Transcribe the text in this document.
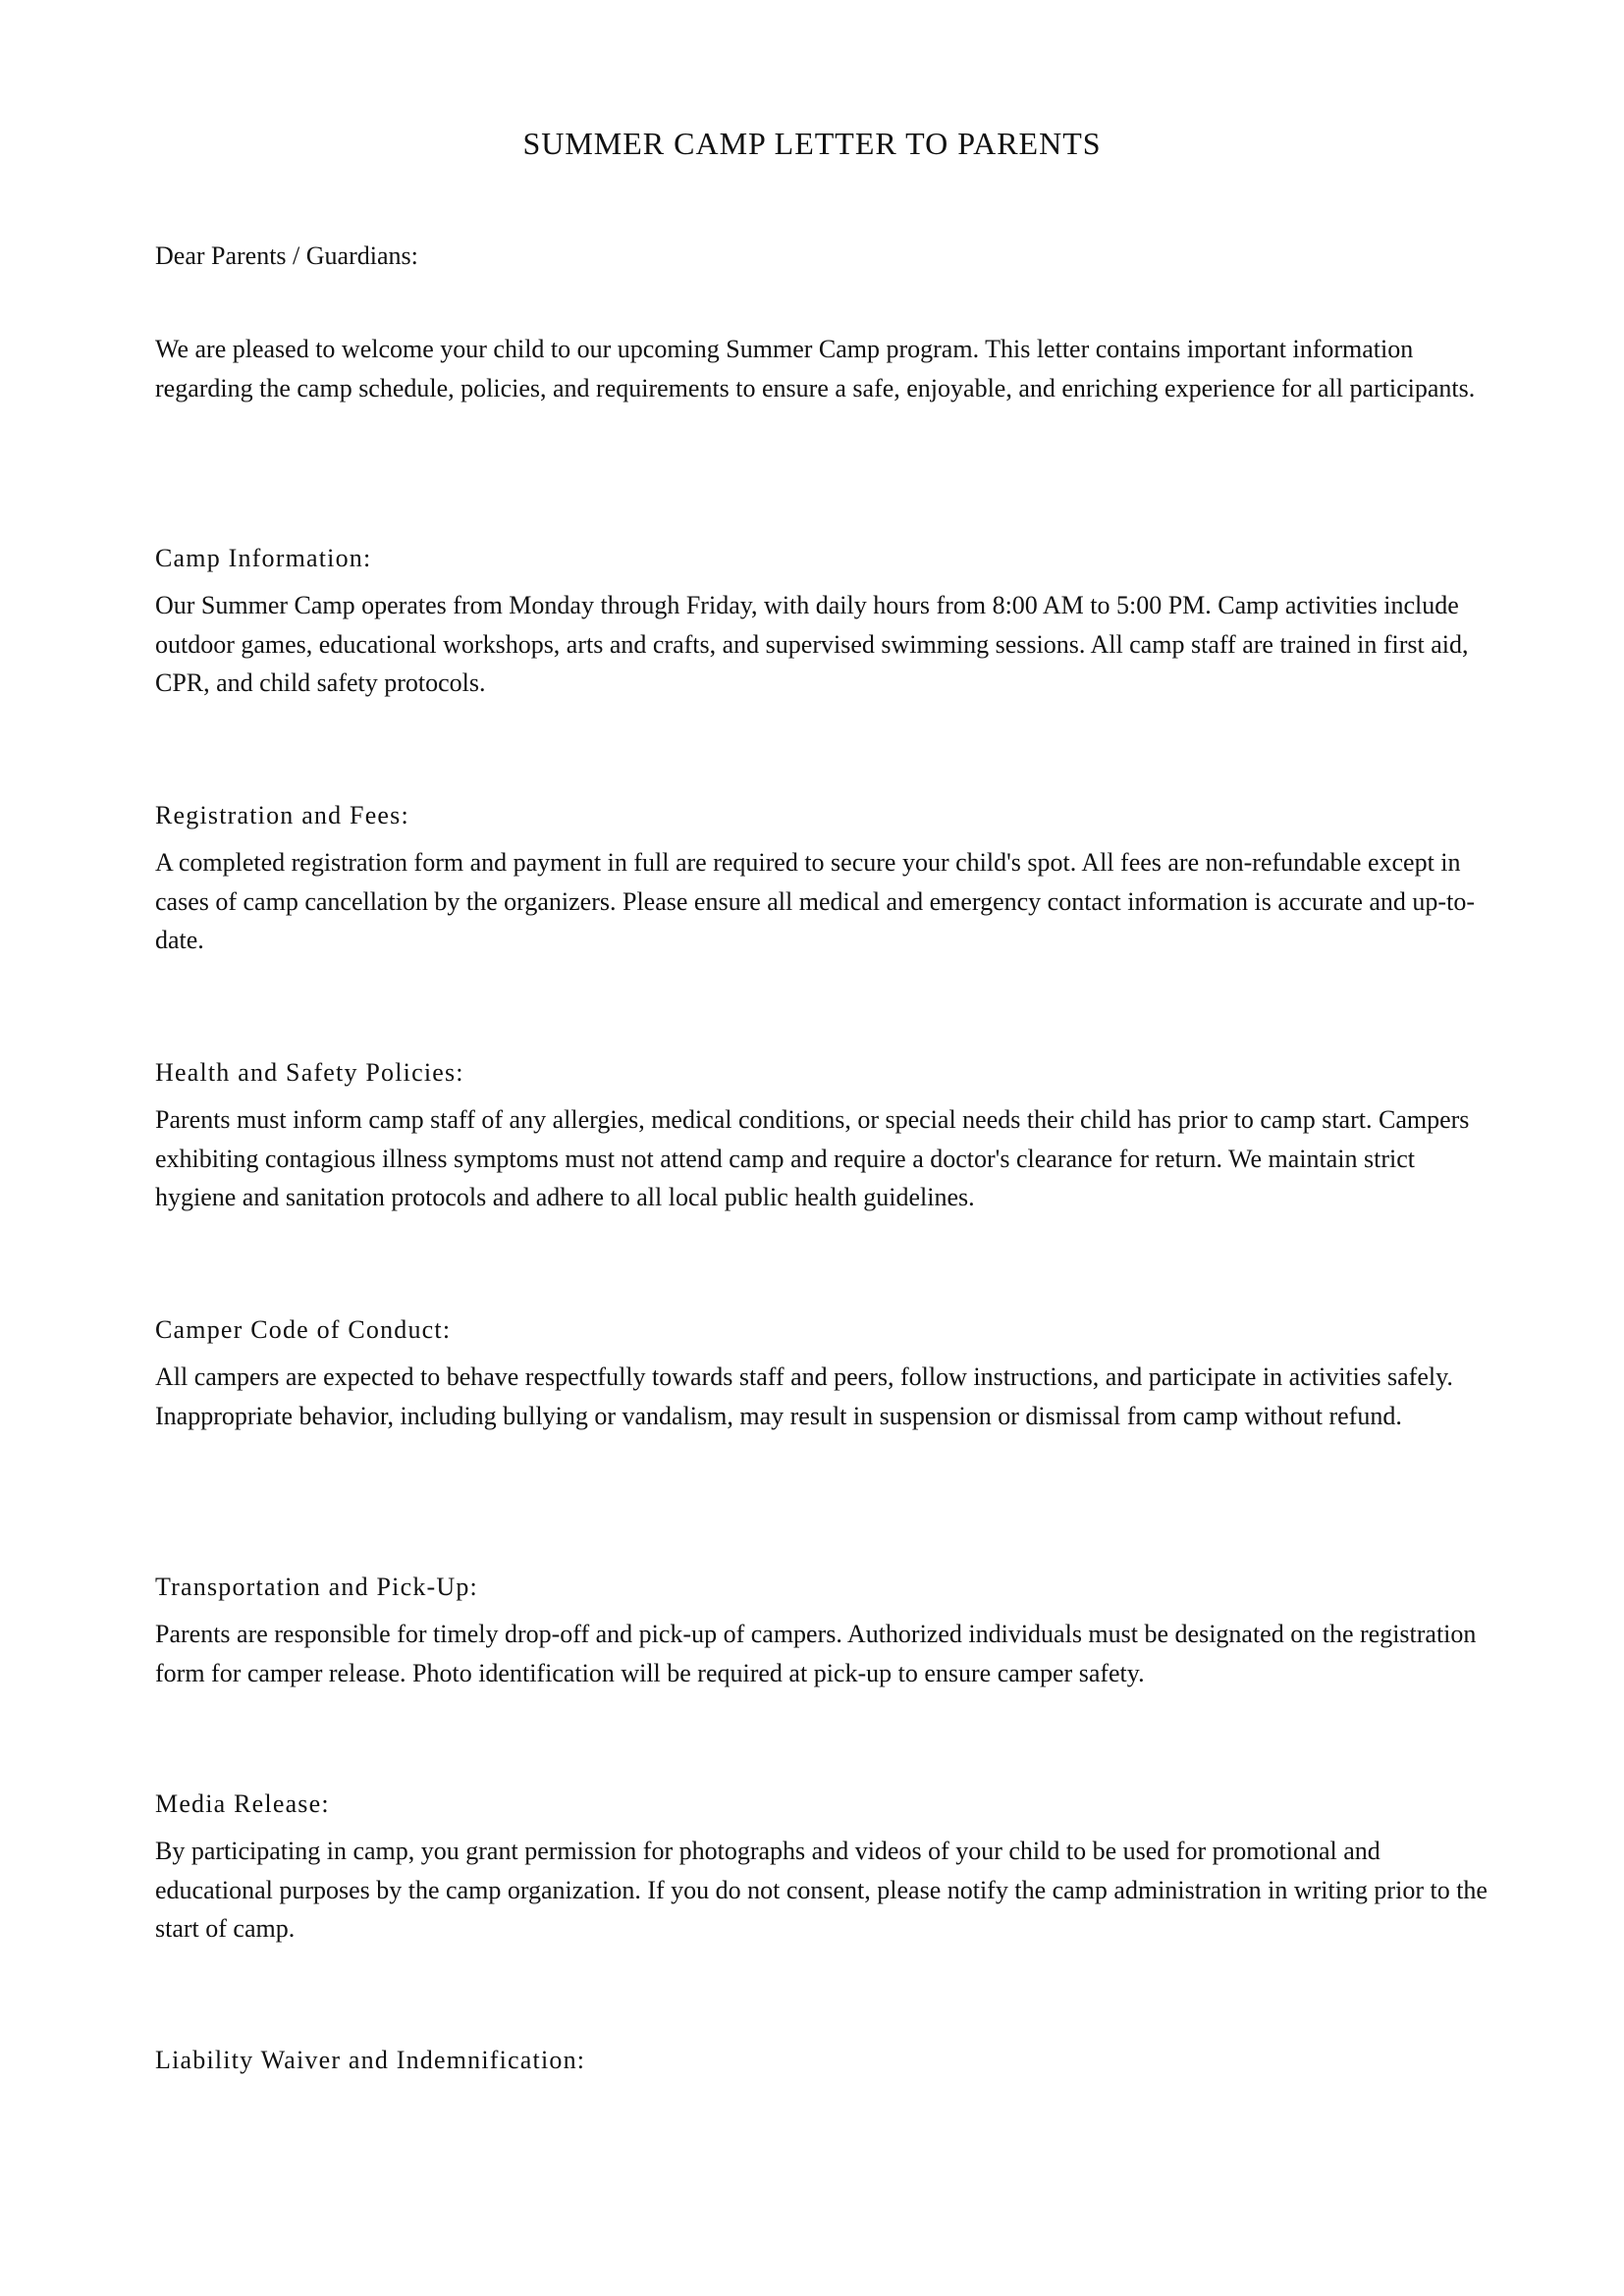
SUMMER CAMP LETTER TO PARENTS

Dear Parents / Guardians:

We are pleased to welcome your child to our upcoming Summer Camp program. This letter contains important information regarding the camp schedule, policies, and requirements to ensure a safe, enjoyable, and enriching experience for all participants.

Camp Information:

Our Summer Camp operates from Monday through Friday, with daily hours from 8:00 AM to 5:00 PM. Camp activities include outdoor games, educational workshops, arts and crafts, and supervised swimming sessions. All camp staff are trained in first aid, CPR, and child safety protocols.

Registration and Fees:

A completed registration form and payment in full are required to secure your child's spot. All fees are non-refundable except in cases of camp cancellation by the organizers. Please ensure all medical and emergency contact information is accurate and up-to-date.

Health and Safety Policies:

Parents must inform camp staff of any allergies, medical conditions, or special needs their child has prior to camp start. Campers exhibiting contagious illness symptoms must not attend camp and require a doctor's clearance for return. We maintain strict hygiene and sanitation protocols and adhere to all local public health guidelines.

Camper Code of Conduct:

All campers are expected to behave respectfully towards staff and peers, follow instructions, and participate in activities safely. Inappropriate behavior, including bullying or vandalism, may result in suspension or dismissal from camp without refund.

Transportation and Pick-Up:

Parents are responsible for timely drop-off and pick-up of campers. Authorized individuals must be designated on the registration form for camper release. Photo identification will be required at pick-up to ensure camper safety.

Media Release:

By participating in camp, you grant permission for photographs and videos of your child to be used for promotional and educational purposes by the camp organization. If you do not consent, please notify the camp administration in writing prior to the start of camp.

Liability Waiver and Indemnification:
